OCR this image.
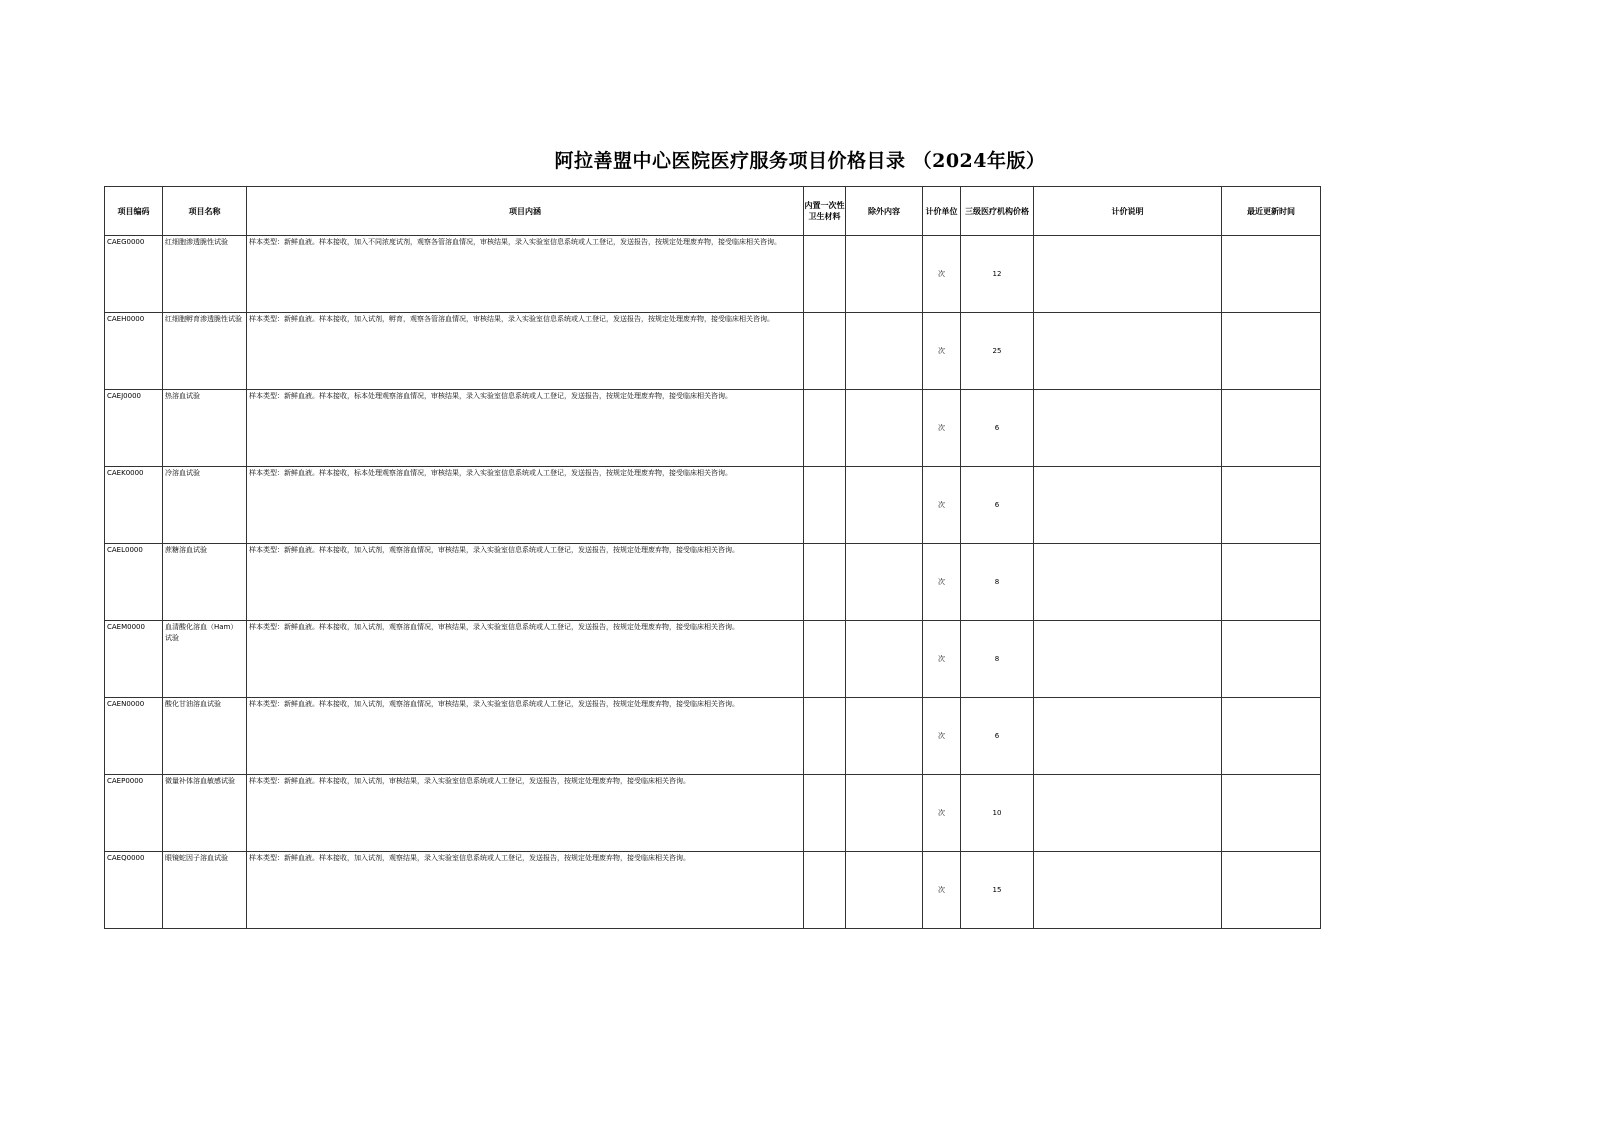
阿拉善盟中心医院医疗服务项目价格目录 （2024年版）
项目编码	项目名称	项目内涵	内置一次性卫生材料	除外内容	计价单位	三级医疗机构价格	计价说明	最近更新时间
CAEG0000	红细胞渗透脆性试验	样本类型：新鲜血液。样本接收，加入不同浓度试剂，观察各管溶血情况，审核结果，录入实验室信息系统或人工登记，发送报告，按规定处理废弃物，接受临床相关咨询。			次	12		
CAEH0000	红细胞孵育渗透脆性试验	样本类型：新鲜血液。样本接收，加入试剂，孵育，观察各管溶血情况，审核结果，录入实验室信息系统或人工登记，发送报告，按规定处理废弃物，接受临床相关咨询。			次	25		
CAEJ0000	热溶血试验	样本类型：新鲜血液。样本接收，标本处理观察溶血情况，审核结果，录入实验室信息系统或人工登记，发送报告，按规定处理废弃物，接受临床相关咨询。			次	6		
CAEK0000	冷溶血试验	样本类型：新鲜血液。样本接收，标本处理观察溶血情况，审核结果，录入实验室信息系统或人工登记，发送报告，按规定处理废弃物，接受临床相关咨询。			次	6		
CAEL0000	蔗糖溶血试验	样本类型：新鲜血液。样本接收，加入试剂，观察溶血情况，审核结果，录入实验室信息系统或人工登记，发送报告，按规定处理废弃物，接受临床相关咨询。			次	8		
CAEM0000	血清酸化溶血（Ham）试验	样本类型：新鲜血液。样本接收，加入试剂，观察溶血情况，审核结果，录入实验室信息系统或人工登记，发送报告，按规定处理废弃物，接受临床相关咨询。			次	8		
CAEN0000	酸化甘油溶血试验	样本类型：新鲜血液。样本接收，加入试剂，观察溶血情况，审核结果，录入实验室信息系统或人工登记，发送报告，按规定处理废弃物，接受临床相关咨询。			次	6		
CAEP0000	微量补体溶血敏感试验	样本类型：新鲜血液。样本接收，加入试剂，审核结果，录入实验室信息系统或人工登记，发送报告，按规定处理废弃物，接受临床相关咨询。			次	10		
CAEQ0000	眼镜蛇因子溶血试验	样本类型：新鲜血液。样本接收，加入试剂，观察结果，录入实验室信息系统或人工登记，发送报告，按规定处理废弃物，接受临床相关咨询。			次	15		
